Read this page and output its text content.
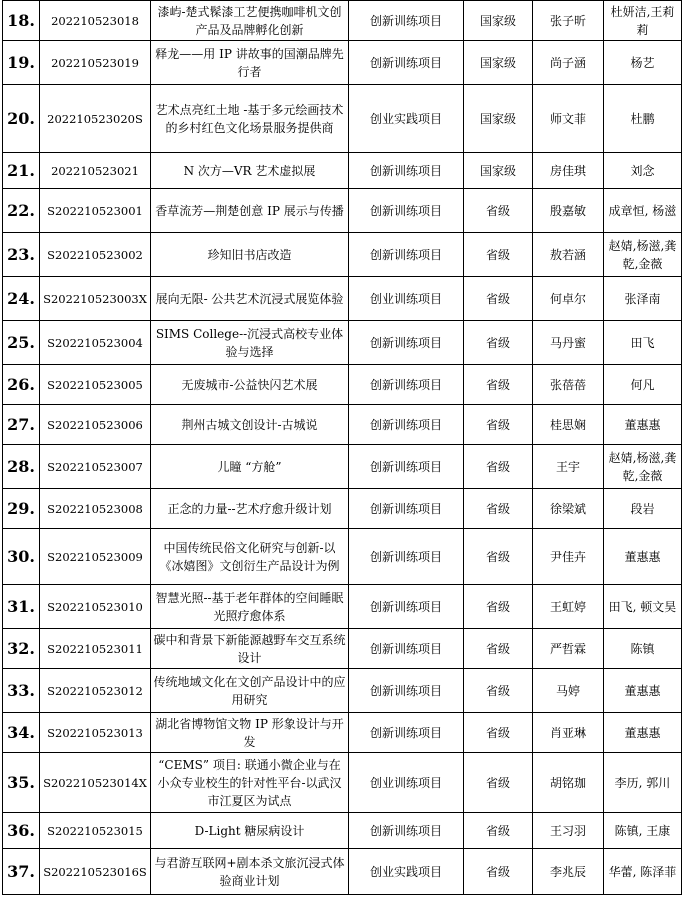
18.	202210523018	漆屿-楚式髹漆工艺便携咖啡机文创产品及品牌孵化创新	创新训练项目	国家级	张子昕	杜妍洁,王莉莉
19.	202210523019	释龙——用 IP 讲故事的国潮品牌先行者	创新训练项目	国家级	尚子涵	杨艺
20.	202210523020S	艺术点亮红土地 -基于多元绘画技术的乡村红色文化场景服务提供商	创业实践项目	国家级	师文菲	杜鹏
21.	202210523021	N 次方—VR 艺术虚拟展	创新训练项目	国家级	房佳琪	刘念
22.	S202210523001	香草流芳—荆楚创意 IP 展示与传播	创新训练项目	省级	殷嘉敏	成章恒, 杨滋
23.	S202210523002	珍知旧书店改造	创新训练项目	省级	敖若涵	赵婧,杨滋,龚乾,金薇
24.	S202210523003X	展向无限- 公共艺术沉浸式展览体验	创业训练项目	省级	何卓尔	张泽南
25.	S202210523004	SIMS College--沉浸式高校专业体验与选择	创新训练项目	省级	马丹蜜	田飞
26.	S202210523005	无废城市-公益快闪艺术展	创新训练项目	省级	张蓓蓓	何凡
27.	S202210523006	荆州古城文创设计-古城说	创新训练项目	省级	桂思娴	董惠惠
28.	S202210523007	儿瞳 “方舱”	创新训练项目	省级	王宇	赵婧,杨滋,龚乾,金薇
29.	S202210523008	正念的力量--艺术疗愈升级计划	创新训练项目	省级	徐梁斌	段岩
30.	S202210523009	中国传统民俗文化研究与创新-以《冰嬉图》文创衍生产品设计为例	创新训练项目	省级	尹佳卉	董惠惠
31.	S202210523010	智慧光照--基于老年群体的空间睡眠光照疗愈体系	创新训练项目	省级	王虹婷	田飞, 顿文昊
32.	S202210523011	碳中和背景下新能源越野车交互系统设计	创新训练项目	省级	严哲霖	陈镇
33.	S202210523012	传统地域文化在文创产品设计中的应用研究	创新训练项目	省级	马婷	董惠惠
34.	S202210523013	湖北省博物馆文物 IP 形象设计与开发	创新训练项目	省级	肖亚琳	董惠惠
35.	S202210523014X	“CEMS” 项目: 联通小微企业与在小众专业校生的针对性平台-以武汉市江夏区为试点	创业训练项目	省级	胡铭珈	李历, 郭川
36.	S202210523015	D-Light 糖尿病设计	创新训练项目	省级	王习羽	陈镇, 王康
37.	S202210523016S	与君游互联网+剧本杀文旅沉浸式体验商业计划	创业实践项目	省级	李兆辰	华蕾, 陈泽菲
